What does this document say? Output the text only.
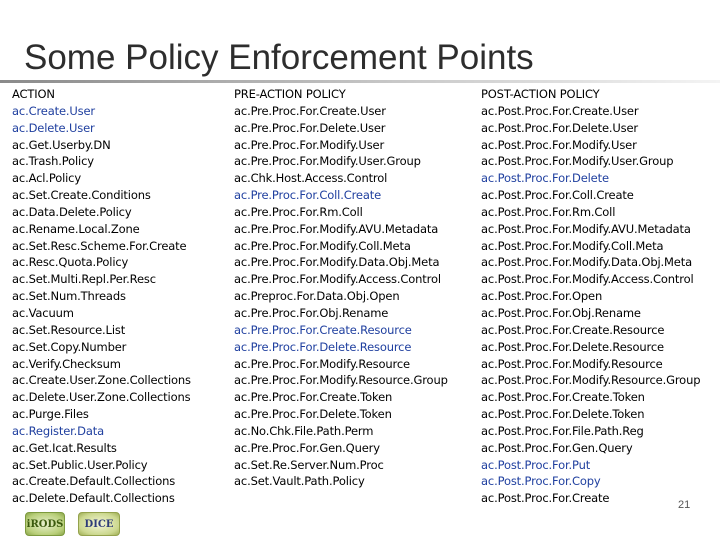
Some Policy Enforcement Points
ACTION
ac.Create.User
ac.Delete.User
ac.Get.Userby.DN
ac.Trash.Policy
ac.Acl.Policy
ac.Set.Create.Conditions
ac.Data.Delete.Policy
ac.Rename.Local.Zone
ac.Set.Resc.Scheme.For.Create
ac.Resc.Quota.Policy
ac.Set.Multi.Repl.Per.Resc
ac.Set.Num.Threads
ac.Vacuum
ac.Set.Resource.List
ac.Set.Copy.Number
ac.Verify.Checksum
ac.Create.User.Zone.Collections
ac.Delete.User.Zone.Collections
ac.Purge.Files
ac.Register.Data
ac.Get.Icat.Results
ac.Set.Public.User.Policy
ac.Create.Default.Collections
ac.Delete.Default.Collections
PRE-ACTION POLICY
ac.Pre.Proc.For.Create.User
ac.Pre.Proc.For.Delete.User
ac.Pre.Proc.For.Modify.User
ac.Pre.Proc.For.Modify.User.Group
ac.Chk.Host.Access.Control
ac.Pre.Proc.For.Coll.Create
ac.Pre.Proc.For.Rm.Coll
ac.Pre.Proc.For.Modify.AVU.Metadata
ac.Pre.Proc.For.Modify.Coll.Meta
ac.Pre.Proc.For.Modify.Data.Obj.Meta
ac.Pre.Proc.For.Modify.Access.Control
ac.Preproc.For.Data.Obj.Open
ac.Pre.Proc.For.Obj.Rename
ac.Pre.Proc.For.Create.Resource
ac.Pre.Proc.For.Delete.Resource
ac.Pre.Proc.For.Modify.Resource
ac.Pre.Proc.For.Modify.Resource.Group
ac.Pre.Proc.For.Create.Token
ac.Pre.Proc.For.Delete.Token
ac.No.Chk.File.Path.Perm
ac.Pre.Proc.For.Gen.Query
ac.Set.Re.Server.Num.Proc
ac.Set.Vault.Path.Policy
POST-ACTION POLICY
ac.Post.Proc.For.Create.User
ac.Post.Proc.For.Delete.User
ac.Post.Proc.For.Modify.User
ac.Post.Proc.For.Modify.User.Group
ac.Post.Proc.For.Delete
ac.Post.Proc.For.Coll.Create
ac.Post.Proc.For.Rm.Coll
ac.Post.Proc.For.Modify.AVU.Metadata
ac.Post.Proc.For.Modify.Coll.Meta
ac.Post.Proc.For.Modify.Data.Obj.Meta
ac.Post.Proc.For.Modify.Access.Control
ac.Post.Proc.For.Open
ac.Post.Proc.For.Obj.Rename
ac.Post.Proc.For.Create.Resource
ac.Post.Proc.For.Delete.Resource
ac.Post.Proc.For.Modify.Resource
ac.Post.Proc.For.Modify.Resource.Group
ac.Post.Proc.For.Create.Token
ac.Post.Proc.For.Delete.Token
ac.Post.Proc.For.File.Path.Reg
ac.Post.Proc.For.Gen.Query
ac.Post.Proc.For.Put
ac.Post.Proc.For.Copy
ac.Post.Proc.For.Create
iRODS	DICE
21
